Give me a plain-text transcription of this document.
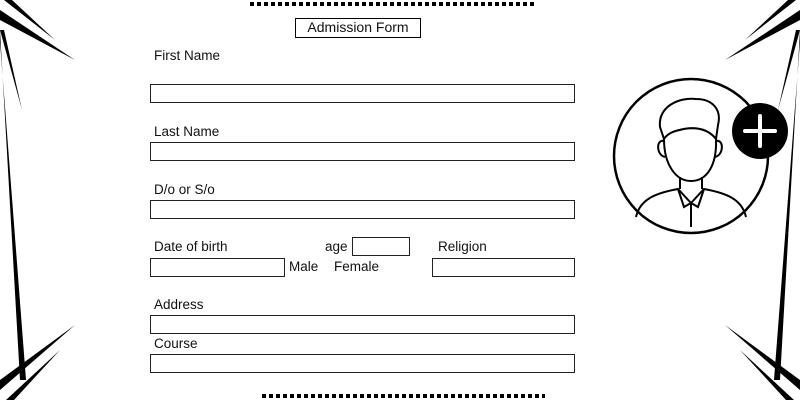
Admission Form
First Name
Last Name
D/o or S/o
Date of birth	age
Male Female
Religion
Address
Course
